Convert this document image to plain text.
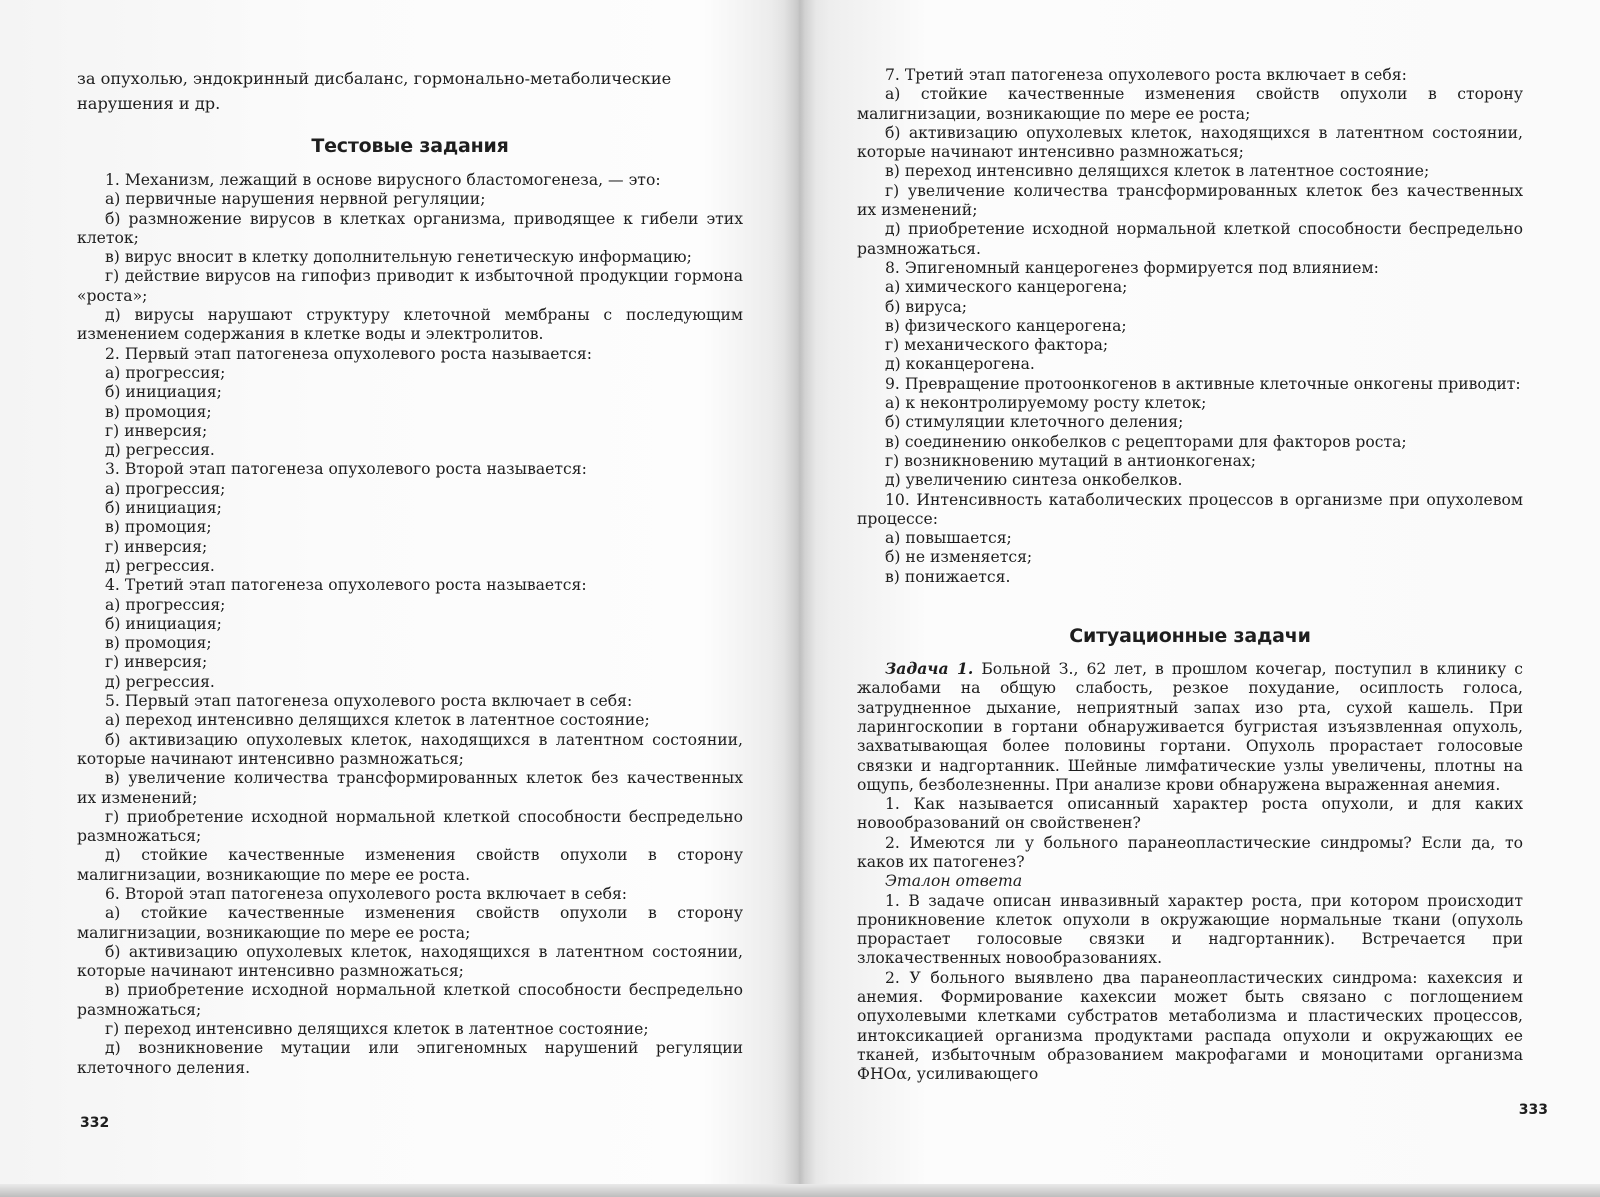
за опухолью, эндокринный дисбаланс, гормонально-метаболические

нарушения и др.

Тестовые задания

1. Механизм, лежащий в основе вирусного бластомогенеза, — это:

а) первичные нарушения нервной регуляции;

б) размножение вирусов в клетках организма, приводящее к гибели этих клеток;

в) вирус вносит в клетку дополнительную генетическую информацию;

г) действие вирусов на гипофиз приводит к избыточной продукции гормона «роста»;

д) вирусы нарушают структуру клеточной мембраны с последующим изменением содержания в клетке воды и электролитов.

2. Первый этап патогенеза опухолевого роста называется:

а) прогрессия;

б) инициация;

в) промоция;

г) инверсия;

д) регрессия.

3. Второй этап патогенеза опухолевого роста называется:

а) прогрессия;

б) инициация;

в) промоция;

г) инверсия;

д) регрессия.

4. Третий этап патогенеза опухолевого роста называется:

а) прогрессия;

б) инициация;

в) промоция;

г) инверсия;

д) регрессия.

5. Первый этап патогенеза опухолевого роста включает в себя:

а) переход интенсивно делящихся клеток в латентное состояние;

б) активизацию опухолевых клеток, находящихся в латентном состоянии, которые начинают интенсивно размножаться;

в) увеличение количества трансформированных клеток без качественных их изменений;

г) приобретение исходной нормальной клеткой способности беспредельно размножаться;

д) стойкие качественные изменения свойств опухоли в сторону малигнизации, возникающие по мере ее роста.

6. Второй этап патогенеза опухолевого роста включает в себя:

а) стойкие качественные изменения свойств опухоли в сторону малигнизации, возникающие по мере ее роста;

б) активизацию опухолевых клеток, находящихся в латентном состоянии, которые начинают интенсивно размножаться;

в) приобретение исходной нормальной клеткой способности беспредельно размножаться;

г) переход интенсивно делящихся клеток в латентное состояние;

д) возникновение мутации или эпигеномных нарушений регуляции клеточного деления.

332

7. Третий этап патогенеза опухолевого роста включает в себя:

а) стойкие качественные изменения свойств опухоли в сторону малигнизации, возникающие по мере ее роста;

б) активизацию опухолевых клеток, находящихся в латентном состоянии, которые начинают интенсивно размножаться;

в) переход интенсивно делящихся клеток в латентное состояние;

г) увеличение количества трансформированных клеток без качественных их изменений;

д) приобретение исходной нормальной клеткой способности беспредельно размножаться.

8. Эпигеномный канцерогенез формируется под влиянием:

а) химического канцерогена;

б) вируса;

в) физического канцерогена;

г) механического фактора;

д) коканцерогена.

9. Превращение протоонкогенов в активные клеточные онкогены приводит:

а) к неконтролируемому росту клеток;

б) стимуляции клеточного деления;

в) соединению онкобелков с рецепторами для факторов роста;

г) возникновению мутаций в антионкогенах;

д) увеличению синтеза онкобелков.

10. Интенсивность катаболических процессов в организме при опухолевом процессе:

а) повышается;

б) не изменяется;

в) понижается.

Ситуационные задачи

Задача 1. Больной З., 62 лет, в прошлом кочегар, поступил в клинику с жалобами на общую слабость, резкое похудание, осиплость голоса, затрудненное дыхание, неприятный запах изо рта, сухой кашель. При ларингоскопии в гортани обнаруживается бугристая изъязвленная опухоль, захватывающая более половины гортани. Опухоль прорастает голосовые связки и надгортанник. Шейные лимфатические узлы увеличены, плотны на ощупь, безболезненны. При анализе крови обнаружена выраженная анемия.

1. Как называется описанный характер роста опухоли, и для каких новообразований он свойственен?

2. Имеются ли у больного паранеопластические синдромы? Если да, то каков их патогенез?

Эталон ответа

1. В задаче описан инвазивный характер роста, при котором происходит проникновение клеток опухоли в окружающие нормальные ткани (опухоль прорастает голосовые связки и надгортанник). Встречается при злокачественных новообразованиях.

2. У больного выявлено два паранеопластических синдрома: кахексия и анемия. Формирование кахексии может быть связано с поглощением опухолевыми клетками субстратов метаболизма и пластических процессов, интоксикацией организма продуктами распада опухоли и окружающих ее тканей, избыточным образованием макрофагами и моноцитами организма ФНОα, усиливающего

333
